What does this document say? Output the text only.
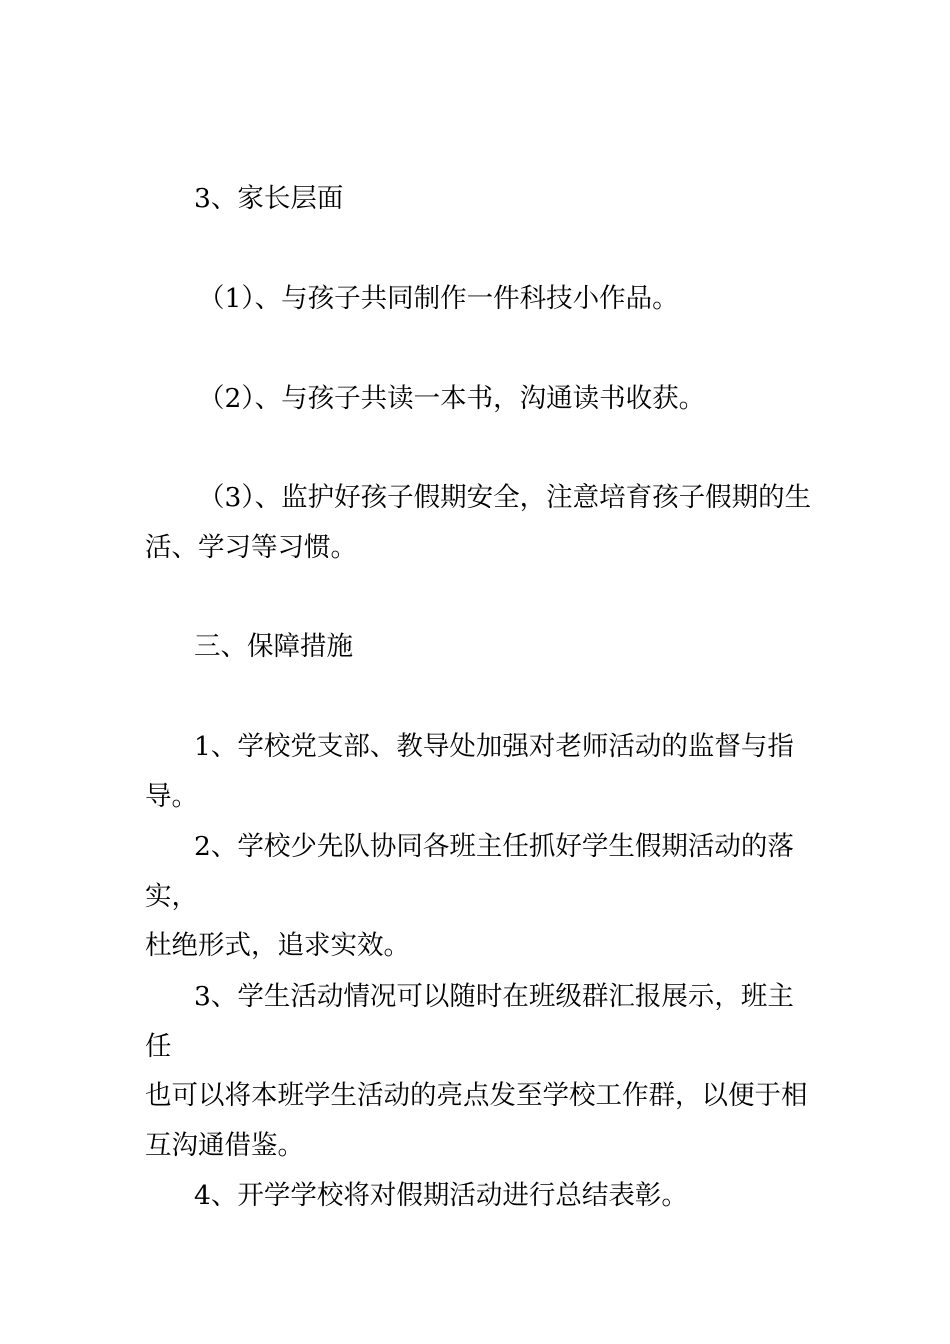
3、家长层面

（1）、与孩子共同制作一件科技小作品。

（2）、与孩子共读一本书，沟通读书收获。

（3）、监护好孩子假期安全，注意培育孩子假期的生
活、学习等习惯。

三、保障措施

1、学校党支部、教导处加强对老师活动的监督与指导。

2、学校少先队协同各班主任抓好学生假期活动的落实，
杜绝形式，追求实效。

3、学生活动情况可以随时在班级群汇报展示，班主任
也可以将本班学生活动的亮点发至学校工作群，以便于相
互沟通借鉴。

4、开学学校将对假期活动进行总结表彰。
